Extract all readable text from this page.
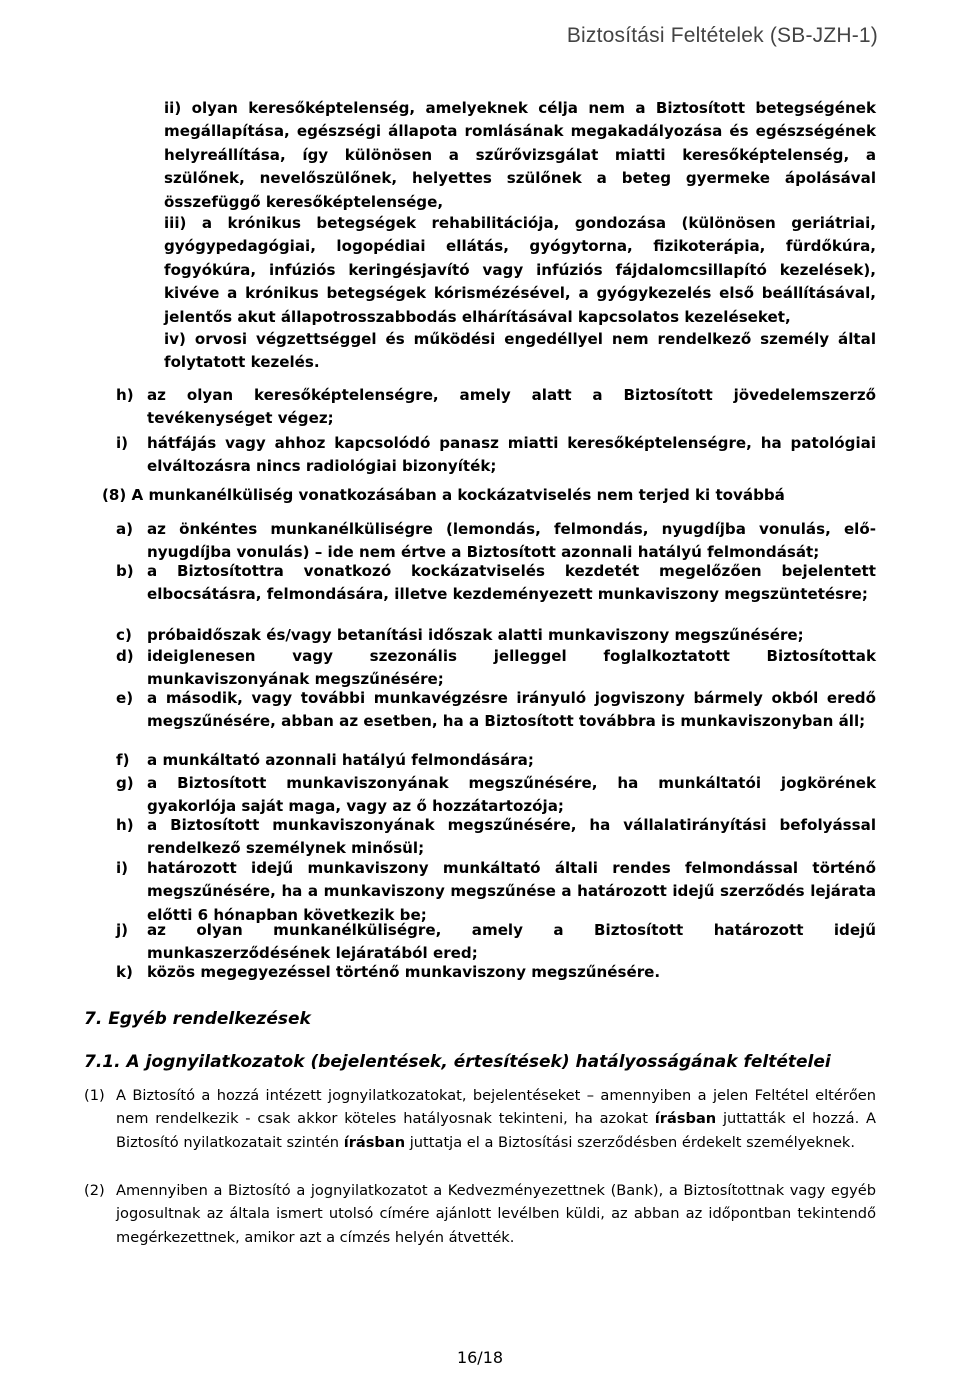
Biztosítási Feltételek (SB-JZH-1)
ii) olyan keresőképtelenség, amelyeknek célja nem a Biztosított betegségének megállapítása, egészségi állapota romlásának megakadályozása és egészségének helyreállítása, így különösen a szűrővizsgálat miatti keresőképtelenség, a szülőnek, nevelőszülőnek, helyettes szülőnek a beteg gyermeke ápolásával összefüggő keresőképtelensége,
iii) a krónikus betegségek rehabilitációja, gondozása (különösen geriátriai, gyógypedagógiai, logopédiai ellátás, gyógytorna, fizikoterápia, fürdőkúra, fogyókúra, infúziós keringésjavító vagy infúziós fájdalomcsillapító kezelések), kivéve a krónikus betegségek kórismézésével, a gyógykezelés első beállításával, jelentős akut állapotrosszabbodás elhárításával kapcsolatos kezeléseket,
iv) orvosi végzettséggel és működési engedéllyel nem rendelkező személy által folytatott kezelés.
h) az olyan keresőképtelenségre, amely alatt a Biztosított jövedelemszerző tevékenységet végez;
i) hátfájás vagy ahhoz kapcsolódó panasz miatti keresőképtelenségre, ha patológiai elváltozásra nincs radiológiai bizonyíték;
(8) A munkanélküliség vonatkozásában a kockázatviselés nem terjed ki továbbá
a) az önkéntes munkanélküliségre (lemondás, felmondás, nyugdíjba vonulás, elő-nyugdíjba vonulás) – ide nem értve a Biztosított azonnali hatályú felmondását;
b) a Biztosítottra vonatkozó kockázatviselés kezdetét megelőzően bejelentett elbocsátásra, felmondására, illetve kezdeményezett munkaviszony megszüntetésre;
c) próbaidőszak és/vagy betanítási időszak alatti munkaviszony megszűnésére;
d) ideiglenesen vagy szezonális jelleggel foglalkoztatott Biztosítottak munkaviszonyának megszűnésére;
e) a második, vagy további munkavégzésre irányuló jogviszony bármely okból eredő megszűnésére, abban az esetben, ha a Biztosított továbbra is munkaviszonyban áll;
f) a munkáltató azonnali hatályú felmondására;
g) a Biztosított munkaviszonyának megszűnésére, ha munkáltatói jogkörének gyakorlója saját maga, vagy az ő hozzátartozója;
h) a Biztosított munkaviszonyának megszűnésére, ha vállalatirányítási befolyással rendelkező személynek minősül;
i) határozott idejű munkaviszony munkáltató általi rendes felmondással történő megszűnésére, ha a munkaviszony megszűnése a határozott idejű szerződés lejárata előtti 6 hónapban következik be;
j) az olyan munkanélküliségre, amely a Biztosított határozott idejű munkaszerződésének lejáratából ered;
k) közös megegyezéssel történő munkaviszony megszűnésére.
7. Egyéb rendelkezések
7.1. A jognyilatkozatok (bejelentések, értesítések) hatályosságának feltételei
(1) A Biztosító a hozzá intézett jognyilatkozatokat, bejelentéseket – amennyiben a jelen Feltétel eltérően nem rendelkezik - csak akkor köteles hatályosnak tekinteni, ha azokat írásban juttatták el hozzá. A Biztosító nyilatkozatait szintén írásban juttatja el a Biztosítási szerződésben érdekelt személyeknek.
(2) Amennyiben a Biztosító a jognyilatkozatot a Kedvezményezettnek (Bank), a Biztosítottnak vagy egyéb jogosultnak az általa ismert utolsó címére ajánlott levélben küldi, az abban az időpontban tekintendő megérkezettnek, amikor azt a címzés helyén átvették.
16/18
